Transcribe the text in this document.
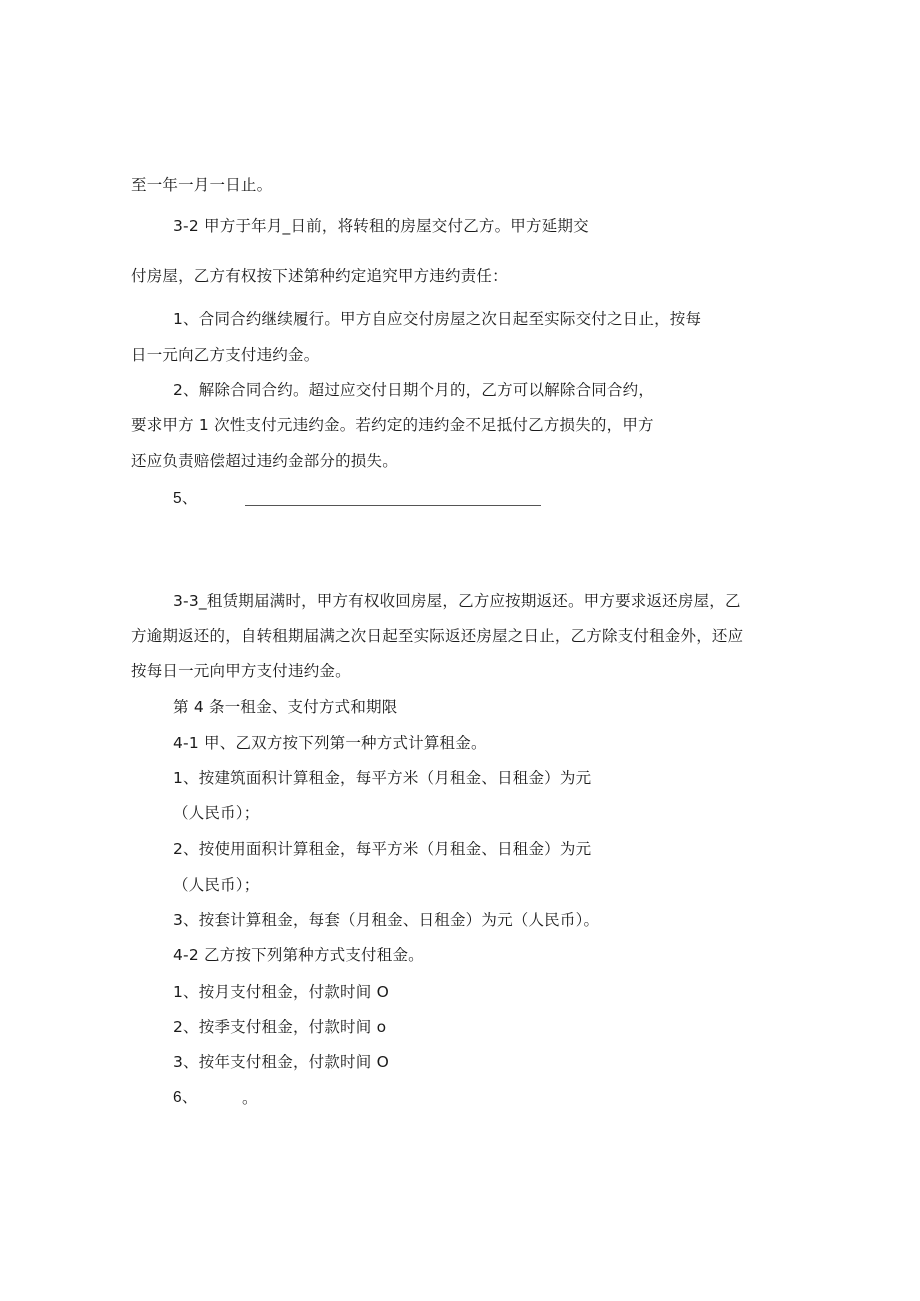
至一年一月一日止。
3-2 甲方于年月_日前，将转租的房屋交付乙方。甲方延期交
付房屋，乙方有权按下述第种约定追究甲方违约责任：
1、合同合约继续履行。甲方自应交付房屋之次日起至实际交付之日止，按每
日一元向乙方支付违约金。
2、解除合同合约。超过应交付日期个月的，乙方可以解除合同合约，
要求甲方 1 次性支付元违约金。若约定的违约金不足抵付乙方损失的，甲方
还应负责赔偿超过违约金部分的损失。
5、
3-3_租赁期届满时，甲方有权收回房屋，乙方应按期返还。甲方要求返还房屋，乙
方逾期返还的，自转租期届满之次日起至实际返还房屋之日止，乙方除支付租金外，还应
按每日一元向甲方支付违约金。
第 4 条一租金、支付方式和期限
4-1 甲、乙双方按下列第一种方式计算租金。
1、按建筑面积计算租金，每平方米（月租金、日租金）为元
（人民币）；
2、按使用面积计算租金，每平方米（月租金、日租金）为元
（人民币）；
3、按套计算租金，每套（月租金、日租金）为元（人民币）。
4-2 乙方按下列第种方式支付租金。
1、按月支付租金，付款时间 O
2、按季支付租金，付款时间 o
3、按年支付租金，付款时间 O
6、	。
